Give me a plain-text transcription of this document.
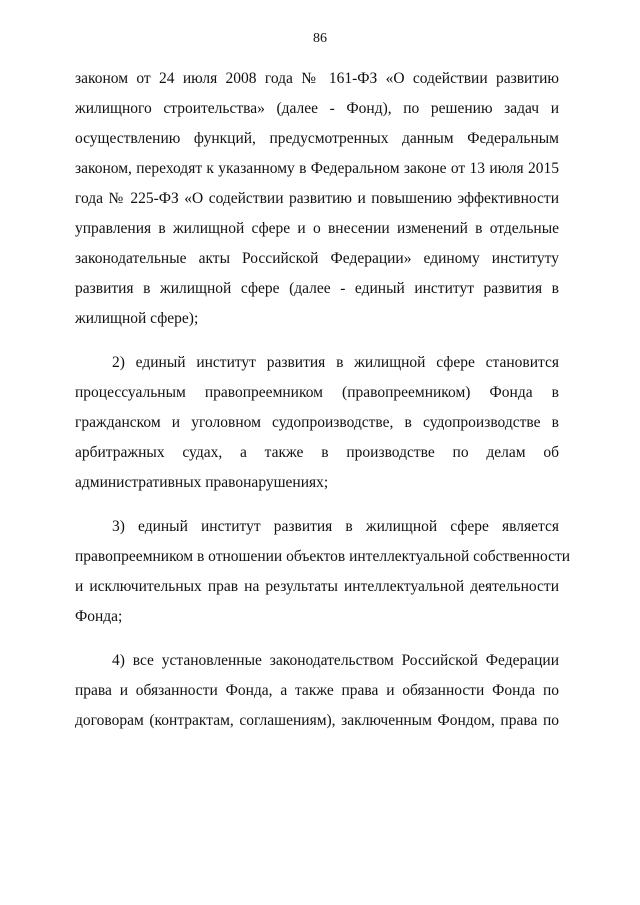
86
законом от 24 июля 2008 года № 161-ФЗ «О содействии развитию
жилищного строительства» (далее - Фонд), по решению задач и
осуществлению функций, предусмотренных данным Федеральным
законом, переходят к указанному в Федеральном законе от 13 июля 2015
года № 225-ФЗ «О содействии развитию и повышению эффективности
управления в жилищной сфере и о внесении изменений в отдельные
законодательные акты Российской Федерации» единому институту
развития в жилищной сфере (далее - единый институт развития в
жилищной сфере);
2) единый институт развития в жилищной сфере становится
процессуальным правопреемником (правопреемником) Фонда в
гражданском и уголовном судопроизводстве, в судопроизводстве в
арбитражных судах, а также в производстве по делам об
административных правонарушениях;
3) единый институт развития в жилищной сфере является
правопреемником в отношении объектов интеллектуальной собственности
и исключительных прав на результаты интеллектуальной деятельности
Фонда;
4) все установленные законодательством Российской Федерации
права и обязанности Фонда, а также права и обязанности Фонда по
договорам (контрактам, соглашениям), заключенным Фондом, права по
